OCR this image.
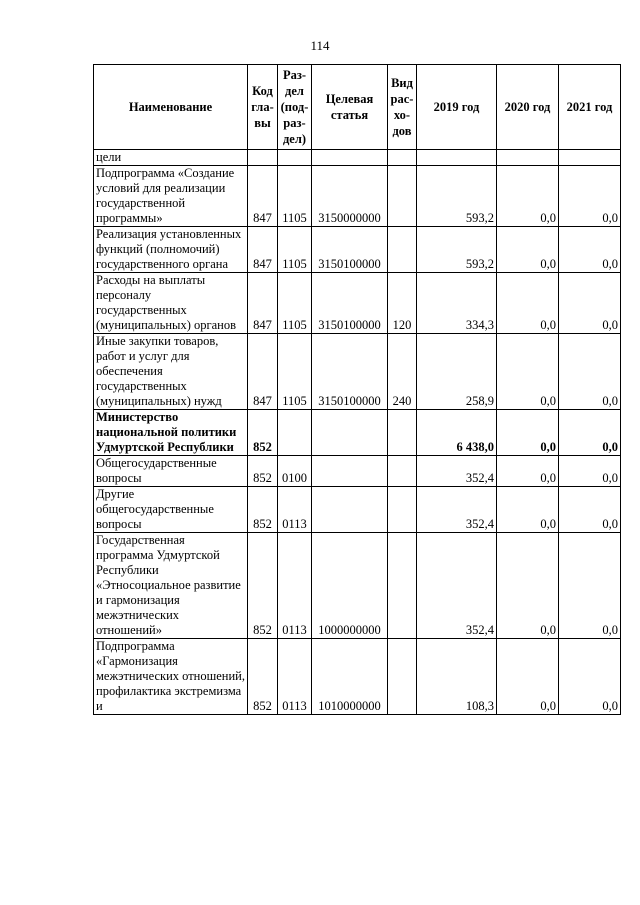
114
Наименование	Код гла- вы	Раз- дел (под- раз- дел)	Целевая статья	Вид рас- хо- дов	2019 год	2020 год	2021 год
цели							
Подпрограмма «Создание условий для реализации государственной программы»	847	1105	3150000000		593,2	0,0	0,0
Реализация установленных функций (полномочий) государственного органа	847	1105	3150100000		593,2	0,0	0,0
Расходы на выплаты персоналу государственных (муниципальных) органов	847	1105	3150100000	120	334,3	0,0	0,0
Иные закупки товаров, работ и услуг для обеспечения государственных (муниципальных) нужд	847	1105	3150100000	240	258,9	0,0	0,0
Министерство национальной политики Удмуртской Республики	852				6 438,0	0,0	0,0
Общегосударственные вопросы	852	0100			352,4	0,0	0,0
Другие общегосударственные вопросы	852	0113			352,4	0,0	0,0
Государственная программа Удмуртской Республики «Этносоциальное развитие и гармонизация межэтнических отношений»	852	0113	1000000000		352,4	0,0	0,0
Подпрограмма «Гармонизация межэтнических отношений, профилактика экстремизма и	852	0113	1010000000		108,3	0,0	0,0
